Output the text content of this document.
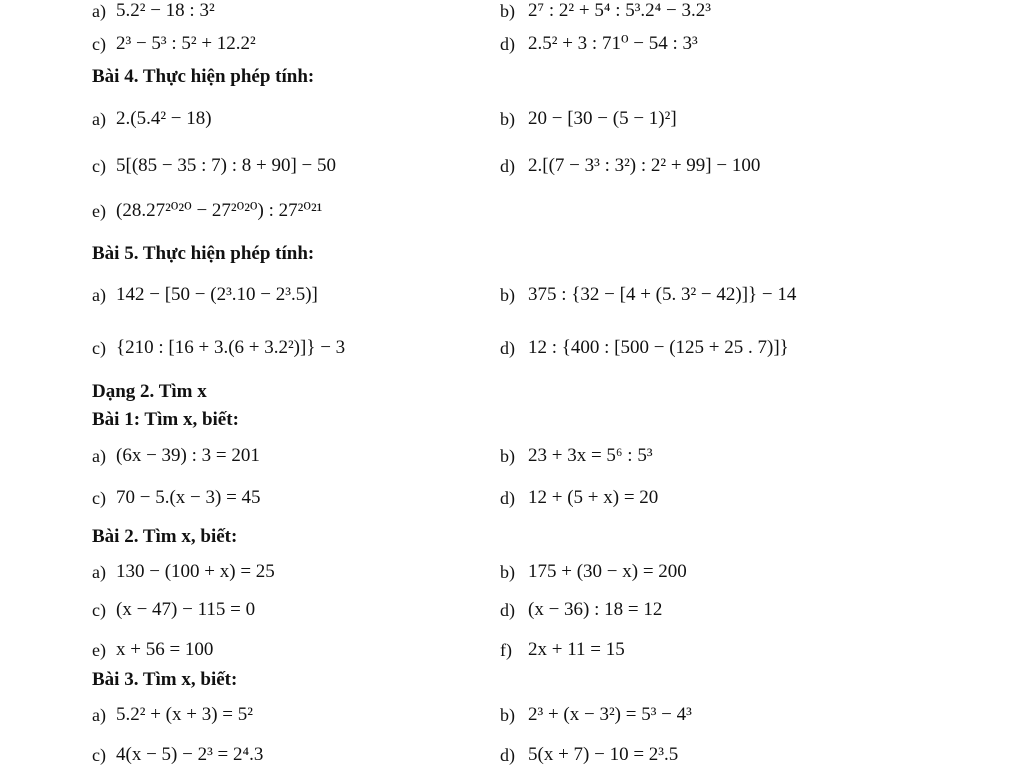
a) 5.2² − 18 : 3²	b) 2⁷ : 2² + 5⁴ : 5³.2⁴ − 3.2³
c) 2³ − 5³ : 5² + 12.2²	d) 2.5² + 3 : 71⁰ − 54 : 3³
Bài 4. Thực hiện phép tính:
a) 2.(5.4² − 18)	b) 20 − [30 − (5 − 1)²]
c) 5[(85 − 35 : 7) : 8 + 90] − 50	d) 2.[(7 − 3³ : 3²) : 2² + 99] − 100
e) (28.27²⁰²⁰ − 27²⁰²⁰) : 27²⁰²¹
Bài 5. Thực hiện phép tính:
a) 142 − [50 − (2³.10 − 2³.5)]	b) 375 : {32 − [4 + (5. 3² − 42)]} − 14
c) {210 : [16 + 3.(6 + 3.2²)]} − 3	d) 12 : {400 : [500 − (125 + 25 . 7)]}
Dạng 2. Tìm x
Bài 1: Tìm x, biết:
a) (6x − 39) : 3 = 201	b) 23 + 3x = 5⁶ : 5³
c) 70 − 5.(x − 3) = 45	d) 12 + (5 + x) = 20
Bài 2. Tìm x, biết:
a) 130 − (100 + x) = 25	b) 175 + (30 − x) = 200
c) (x − 47) − 115 = 0	d) (x − 36) : 18 = 12
e) x + 56 = 100	f) 2x + 11 = 15
Bài 3. Tìm x, biết:
a) 5.2² + (x + 3) = 5²	b) 2³ + (x − 3²) = 5³ − 4³
c) 4(x − 5) − 2³ = 2⁴.3	d) 5(x + 7) − 10 = 2³.5
